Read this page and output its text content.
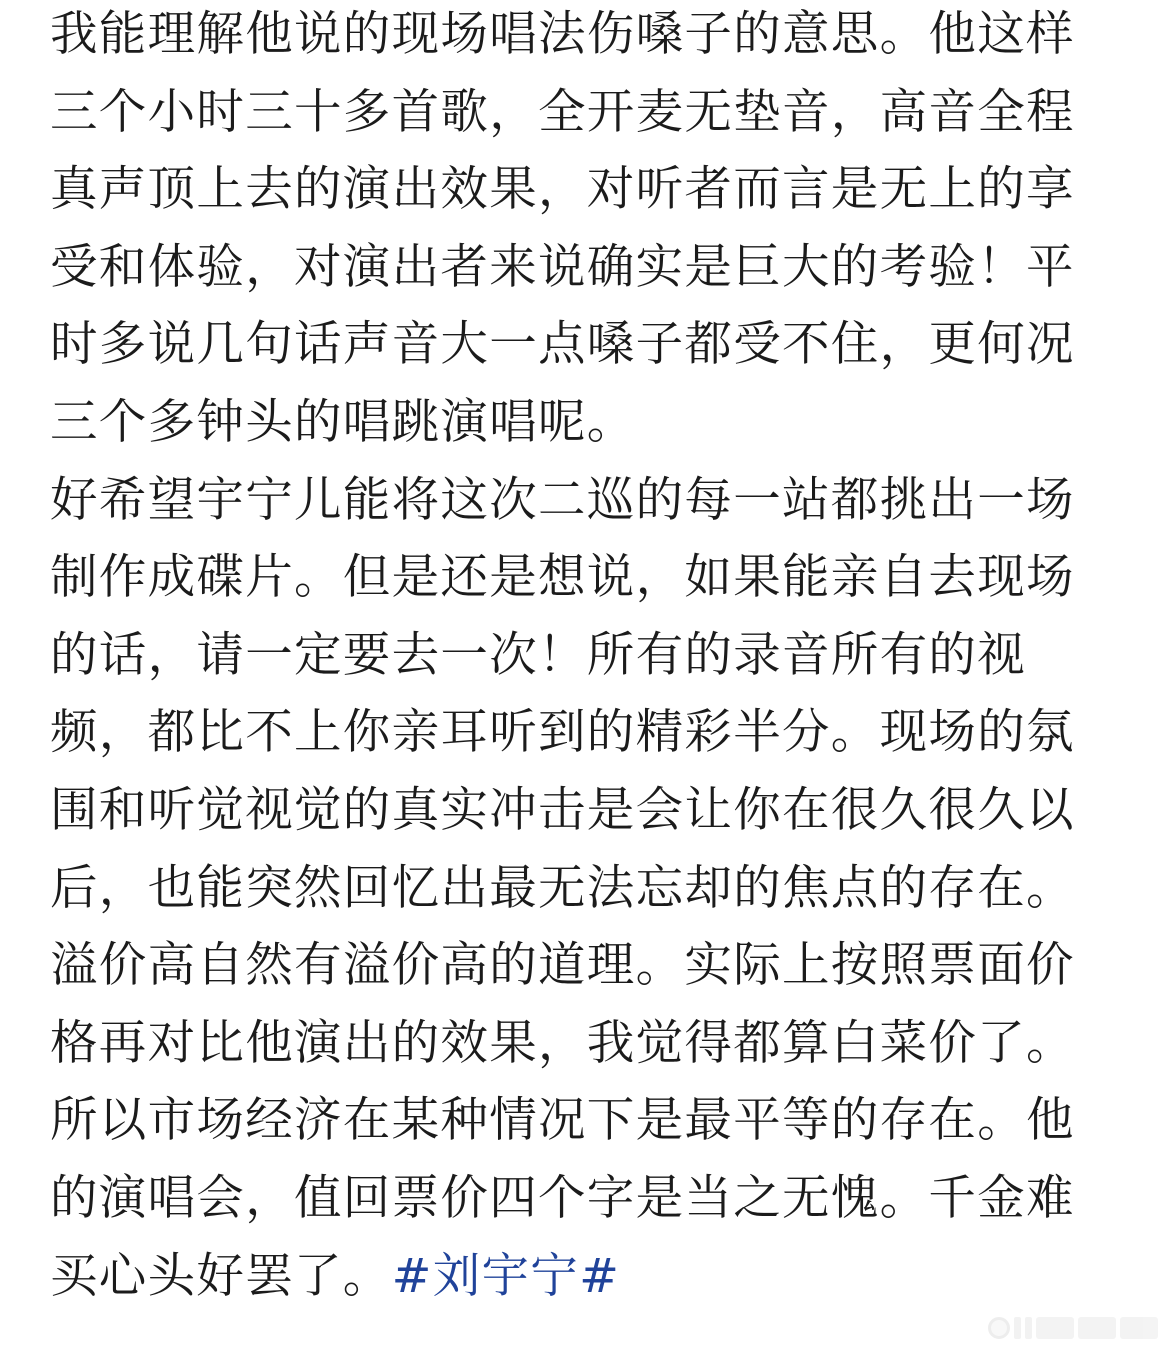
我能理解他说的现场唱法伤嗓子的意思。他这样
三个小时三十多首歌，全开麦无垫音，高音全程
真声顶上去的演出效果，对听者而言是无上的享
受和体验，对演出者来说确实是巨大的考验！平
时多说几句话声音大一点嗓子都受不住，更何况
三个多钟头的唱跳演唱呢。
好希望宇宁儿能将这次二巡的每一站都挑出一场
制作成碟片。但是还是想说，如果能亲自去现场
的话，请一定要去一次！所有的录音所有的视
频，都比不上你亲耳听到的精彩半分。现场的氛
围和听觉视觉的真实冲击是会让你在很久很久以
后，也能突然回忆出最无法忘却的焦点的存在。
溢价高自然有溢价高的道理。实际上按照票面价
格再对比他演出的效果，我觉得都算白菜价了。
所以市场经济在某种情况下是最平等的存在。他
的演唱会，值回票价四个字是当之无愧。千金难
买心头好罢了。#刘宇宁#
